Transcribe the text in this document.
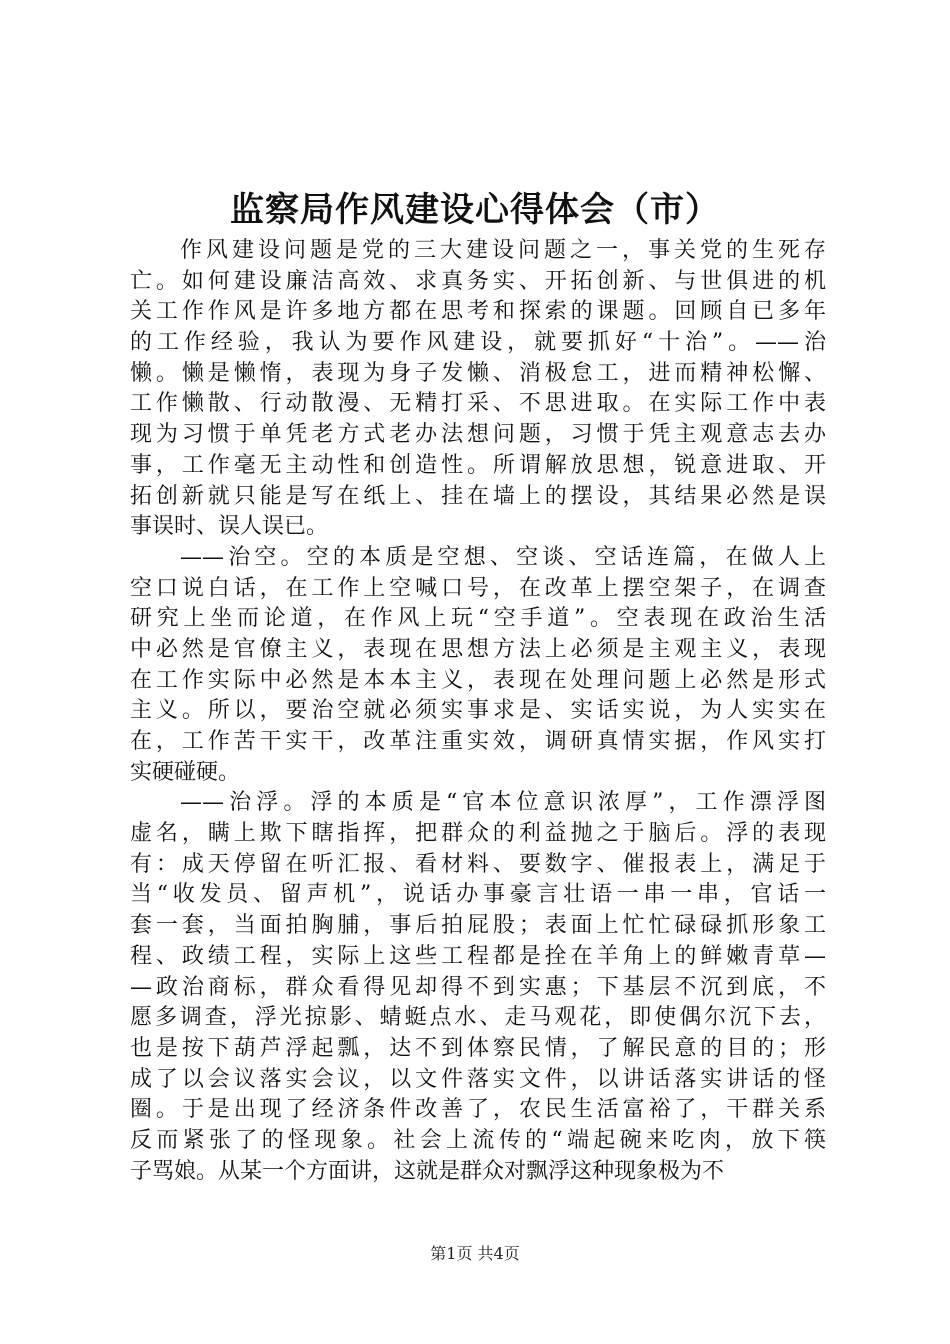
监察局作风建设心得体会（市）
作风建设问题是党的三大建设问题之一，事关党的生死存
亡。如何建设廉洁高效、求真务实、开拓创新、与世俱进的机
关工作作风是许多地方都在思考和探索的课题。回顾自已多年
的工作经验，我认为要作风建设，就要抓好“十治”。——治
懒。懒是懒惰，表现为身子发懒、消极怠工，进而精神松懈、
工作懒散、行动散漫、无精打采、不思进取。在实际工作中表
现为习惯于单凭老方式老办法想问题，习惯于凭主观意志去办
事，工作毫无主动性和创造性。所谓解放思想，锐意进取、开
拓创新就只能是写在纸上、挂在墙上的摆设，其结果必然是误
事误时、误人误已。
——治空。空的本质是空想、空谈、空话连篇，在做人上
空口说白话，在工作上空喊口号，在改革上摆空架子，在调查
研究上坐而论道，在作风上玩“空手道”。空表现在政治生活
中必然是官僚主义，表现在思想方法上必须是主观主义，表现
在工作实际中必然是本本主义，表现在处理问题上必然是形式
主义。所以，要治空就必须实事求是、实话实说，为人实实在
在，工作苦干实干，改革注重实效，调研真情实据，作风实打
实硬碰硬。
——治浮。浮的本质是“官本位意识浓厚”，工作漂浮图
虚名，瞒上欺下瞎指挥，把群众的利益抛之于脑后。浮的表现
有：成天停留在听汇报、看材料、要数字、催报表上，满足于
当“收发员、留声机”，说话办事豪言壮语一串一串，官话一
套一套，当面拍胸脯，事后拍屁股；表面上忙忙碌碌抓形象工
程、政绩工程，实际上这些工程都是拴在羊角上的鲜嫩青草—
—政治商标，群众看得见却得不到实惠；下基层不沉到底，不
愿多调查，浮光掠影、蜻蜓点水、走马观花，即使偶尔沉下去，
也是按下葫芦浮起瓢，达不到体察民情，了解民意的目的；形
成了以会议落实会议，以文件落实文件，以讲话落实讲话的怪
圈。于是出现了经济条件改善了，农民生活富裕了，干群关系
反而紧张了的怪现象。社会上流传的“端起碗来吃肉，放下筷
子骂娘。从某一个方面讲，这就是群众对飘浮这种现象极为不
第1页 共4页
